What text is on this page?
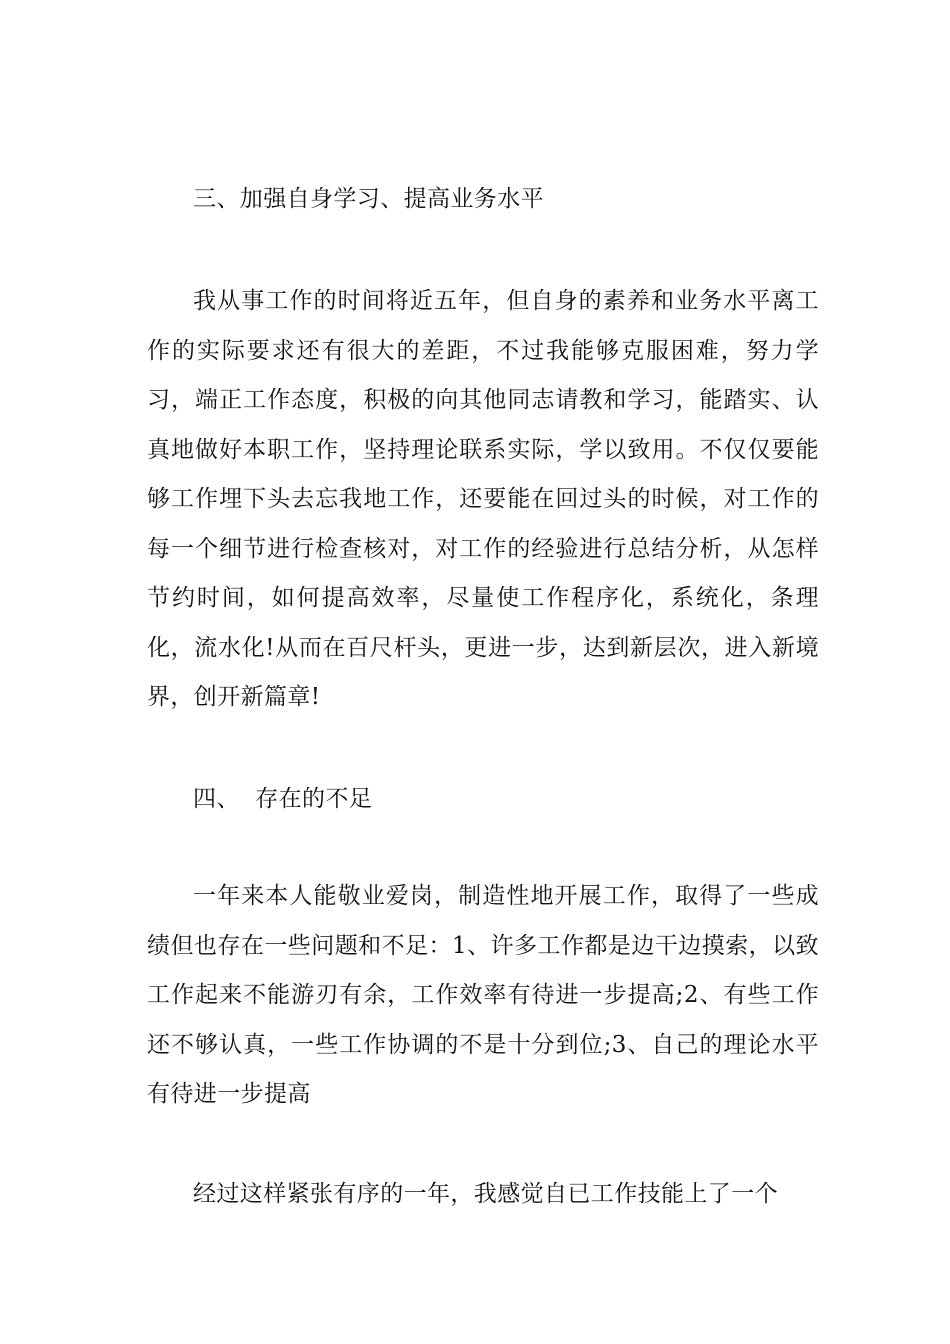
三、加强自身学习、提高业务水平

我从事工作的时间将近五年，但自身的素养和业务水平离工作的实际要求还有很大的差距，不过我能够克服困难，努力学习，端正工作态度，积极的向其他同志请教和学习，能踏实、认真地做好本职工作，坚持理论联系实际，学以致用。不仅仅要能够工作埋下头去忘我地工作，还要能在回过头的时候，对工作的每一个细节进行检查核对，对工作的经验进行总结分析，从怎样节约时间，如何提高效率，尽量使工作程序化，系统化，条理化，流水化!从而在百尺杆头，更进一步，达到新层次，进入新境界，创开新篇章!

四、  存在的不足

一年来本人能敬业爱岗，制造性地开展工作，取得了一些成绩但也存在一些问题和不足：1、许多工作都是边干边摸索，以致工作起来不能游刃有余，工作效率有待进一步提高;2、有些工作还不够认真，一些工作协调的不是十分到位;3、自己的理论水平有待进一步提高

经过这样紧张有序的一年，我感觉自已工作技能上了一个
